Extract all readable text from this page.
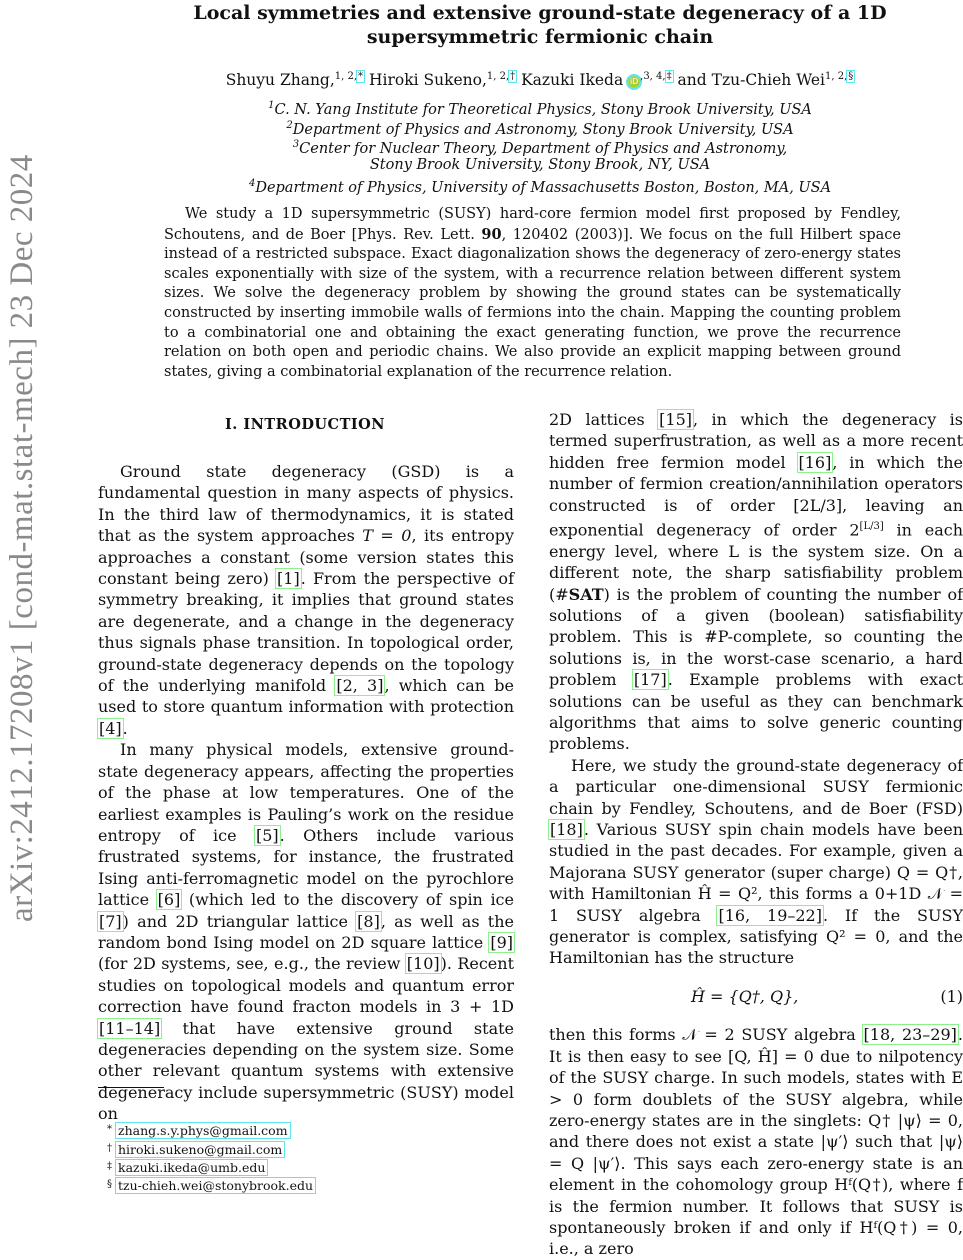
arXiv:2412.17208v1 [cond-mat.stat-mech] 23 Dec 2024
Local symmetries and extensive ground-state degeneracy of a 1D
supersymmetric fermionic chain
Shuyu Zhang,$^{1, 2,*}$ Hiroki Sukeno,$^{1, 2,\dagger}$ Kazuki Ikeda iD $^{,3, 4,\ddagger}$ and Tzu-Chieh Wei$^{1, 2,\S}$
$^1$C. N. Yang Institute for Theoretical Physics, Stony Brook University, USA
$^2$Department of Physics and Astronomy, Stony Brook University, USA
$^3$Center for Nuclear Theory, Department of Physics and Astronomy,
Stony Brook University, Stony Brook, NY, USA
$^4$Department of Physics, University of Massachusetts Boston, Boston, MA, USA
We study a 1D supersymmetric (SUSY) hard-core fermion model first proposed by Fendley, Schoutens, and de Boer [Phys. Rev. Lett. 90, 120402 (2003)]. We focus on the full Hilbert space instead of a restricted subspace. Exact diagonalization shows the degeneracy of zero-energy states scales exponentially with size of the system, with a recurrence relation between different system sizes. We solve the degeneracy problem by showing the ground states can be systematically constructed by inserting immobile walls of fermions into the chain. Mapping the counting problem to a combinatorial one and obtaining the exact generating function, we prove the recurrence relation on both open and periodic chains. We also provide an explicit mapping between ground states, giving a combinatorial explanation of the recurrence relation.
I. INTRODUCTION

Ground state degeneracy (GSD) is a fundamental question in many aspects of physics. In the third law of thermodynamics, it is stated that as the system approaches T = 0, its entropy approaches a constant (some version states this constant being zero) [1]. From the perspective of symmetry breaking, it implies that ground states are degenerate, and a change in the degeneracy thus signals phase transition. In topological order, ground-state degeneracy depends on the topology of the underlying manifold [2, 3], which can be used to store quantum information with protection [4].

In many physical models, extensive ground-state degeneracy appears, affecting the properties of the phase at low temperatures. One of the earliest examples is Pauling’s work on the residue entropy of ice [5]. Others include various frustrated systems, for instance, the frustrated Ising anti-ferromagnetic model on the pyrochlore lattice [6] (which led to the discovery of spin ice [7]) and 2D triangular lattice [8], as well as the random bond Ising model on 2D square lattice [9] (for 2D systems, see, e.g., the review [10]). Recent studies on topological models and quantum error correction have found fracton models in 3 + 1D [11–14] that have extensive ground state degeneracies depending on the system size. Some other relevant quantum systems with extensive degeneracy include supersymmetric (SUSY) model on

2D lattices [15], in which the degeneracy is termed superfrustration, as well as a more recent hidden free fermion model [16], in which the number of fermion creation/annihilation operators constructed is of order [2L/3], leaving an exponential degeneracy of order 2[L/3] in each energy level, where L is the system size. On a different note, the sharp satisfiability problem (#SAT) is the problem of counting the number of solutions of a given (boolean) satisfiability problem. This is #P-complete, so counting the solutions is, in the worst-case scenario, a hard problem [17]. Example problems with exact solutions can be useful as they can benchmark algorithms that aims to solve generic counting problems.

Here, we study the ground-state degeneracy of a particular one-dimensional SUSY fermionic chain by Fendley, Schoutens, and de Boer (FSD) [18]. Various SUSY spin chain models have been studied in the past decades. For example, given a Majorana SUSY generator (super charge) Q = Q†, with Hamiltonian Ĥ = Q², this forms a 0+1D 𝒩 = 1 SUSY algebra [16, 19–22]. If the SUSY generator is complex, satisfying Q² = 0, and the Hamiltonian has the structure

Ĥ = {Q†, Q},	(1)

then this forms 𝒩 = 2 SUSY algebra [18, 23–29]. It is then easy to see [Q, Ĥ] = 0 due to nilpotency of the SUSY charge. In such models, states with E > 0 form doublets of the SUSY algebra, while zero-energy states are in the singlets: Q† |ψ⟩ = 0, and there does not exist a state |ψ′⟩ such that |ψ⟩ = Q |ψ′⟩. This says each zero-energy state is an element in the cohomology group Hᶠ(Q†), where f is the fermion number. It follows that SUSY is spontaneously broken if and only if Hᶠ(Q†) = 0, i.e., a zero

* zhang.s.y.phys@gmail.com
† hiroki.sukeno@gmail.com
‡ kazuki.ikeda@umb.edu
§ tzu-chieh.wei@stonybrook.edu
